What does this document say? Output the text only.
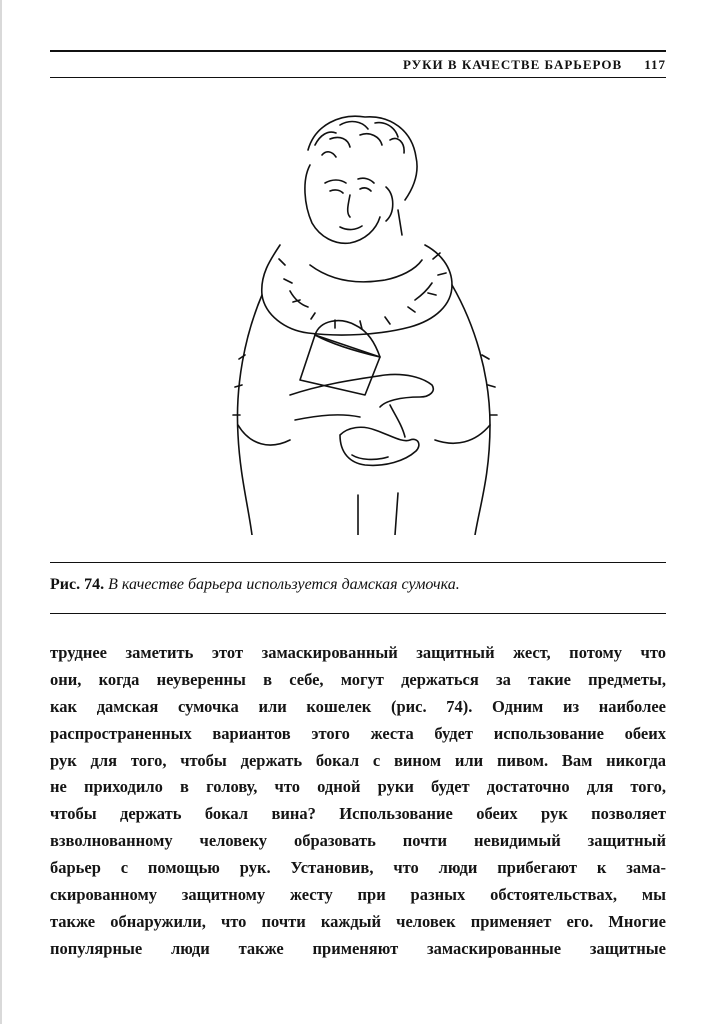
РУКИ В КАЧЕСТВЕ БАРЬЕРОВ 117
Рис. 74. В качестве барьера используется дамская сумочка.
труднее заметить этот замаскированный защитный жест, потому что
они, когда неуверенны в себе, могут держаться за такие предметы,
как дамская сумочка или кошелек (рис. 74). Одним из наиболее
распространенных вариантов этого жеста будет использование обеих
рук для того, чтобы держать бокал с вином или пивом. Вам никогда
не приходило в голову, что одной руки будет достаточно для того,
чтобы держать бокал вина? Использование обеих рук позволяет
взволнованному человеку образовать почти невидимый защитный
барьер с помощью рук. Установив, что люди прибегают к зама-
скированному защитному жесту при разных обстоятельствах, мы
также обнаружили, что почти каждый человек применяет его. Многие
популярные люди также применяют замаскированные защитные
